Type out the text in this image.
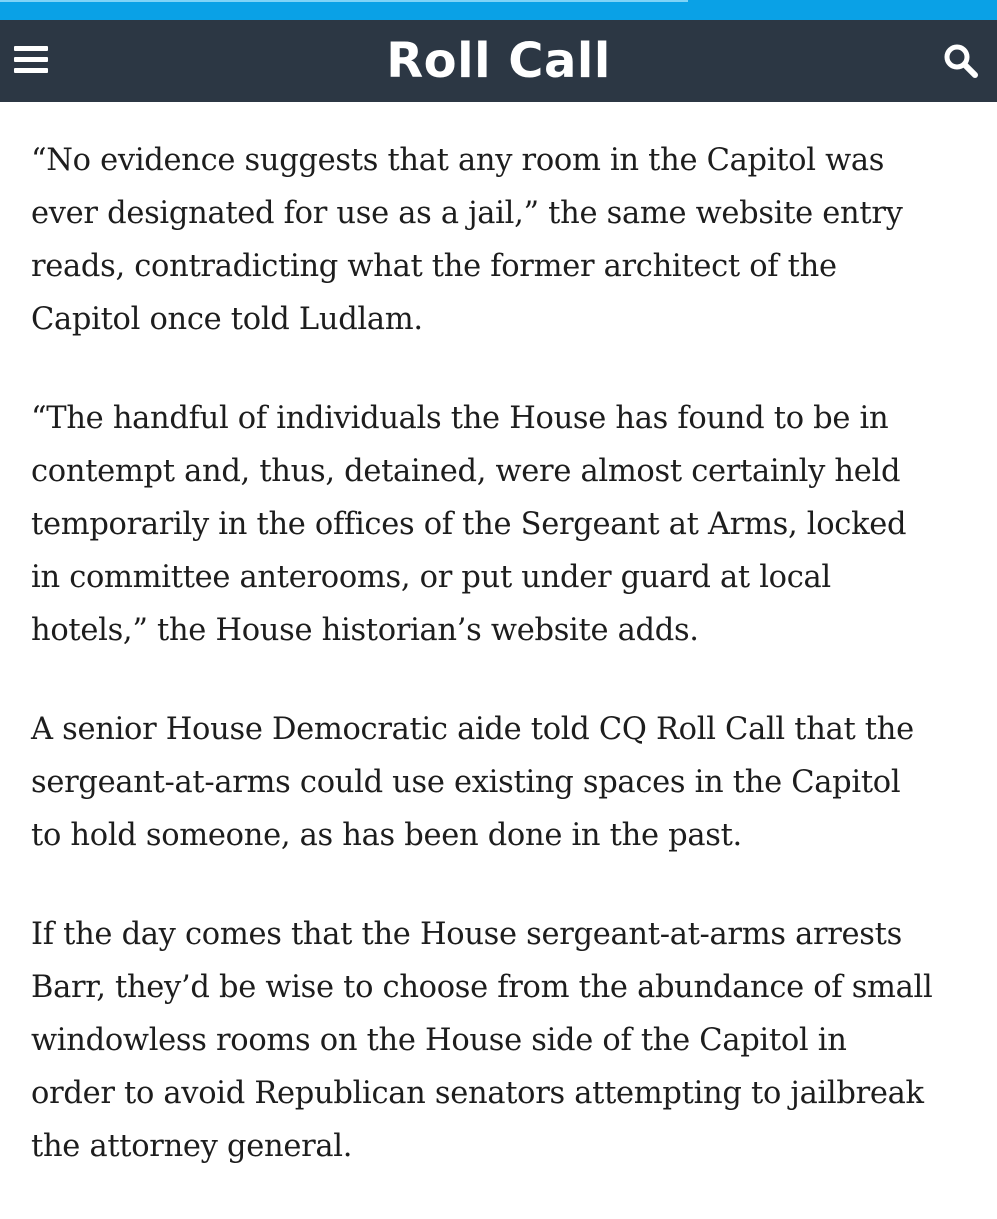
Roll Call

“No evidence suggests that any room in the Capitol was
ever designated for use as a jail,” the same website entry
reads, contradicting what the former architect of the
Capitol once told Ludlam.

“The handful of individuals the House has found to be in
contempt and, thus, detained, were almost certainly held
temporarily in the offices of the Sergeant at Arms, locked
in committee anterooms, or put under guard at local
hotels,” the House historian’s website adds.

A senior House Democratic aide told CQ Roll Call that the
sergeant-at-arms could use existing spaces in the Capitol
to hold someone, as has been done in the past.

If the day comes that the House sergeant-at-arms arrests
Barr, they’d be wise to choose from the abundance of small
windowless rooms on the House side of the Capitol in
order to avoid Republican senators attempting to jailbreak
the attorney general.
